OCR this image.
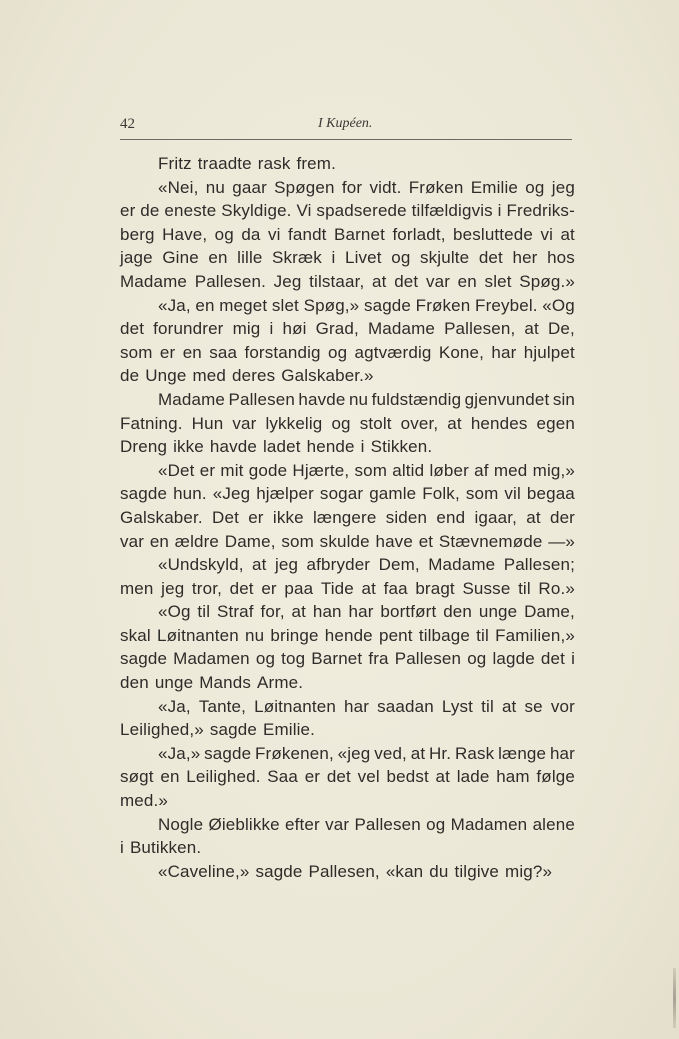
42	I Kupéen.
Fritz traadte rask frem.
«Nei, nu gaar Spøgen for vidt. Frøken Emilie og jeg
er de eneste Skyldige. Vi spadserede tilfældigvis i Fredriks-
berg Have, og da vi fandt Barnet forladt, besluttede vi at
jage Gine en lille Skræk i Livet og skjulte det her hos
Madame Pallesen. Jeg tilstaar, at det var en slet Spøg.»
«Ja, en meget slet Spøg,» sagde Frøken Freybel. «Og
det forundrer mig i høi Grad, Madame Pallesen, at De,
som er en saa forstandig og agtværdig Kone, har hjulpet
de Unge med deres Galskaber.»
Madame Pallesen havde nu fuldstændig gjenvundet sin
Fatning. Hun var lykkelig og stolt over, at hendes egen
Dreng ikke havde ladet hende i Stikken.
«Det er mit gode Hjærte, som altid løber af med mig,»
sagde hun. «Jeg hjælper sogar gamle Folk, som vil begaa
Galskaber. Det er ikke længere siden end igaar, at der
var en ældre Dame, som skulde have et Stævnemøde —»
«Undskyld, at jeg afbryder Dem, Madame Pallesen;
men jeg tror, det er paa Tide at faa bragt Susse til Ro.»
«Og til Straf for, at han har bortført den unge Dame,
skal Løitnanten nu bringe hende pent tilbage til Familien,»
sagde Madamen og tog Barnet fra Pallesen og lagde det i
den unge Mands Arme.
«Ja, Tante, Løitnanten har saadan Lyst til at se vor
Leilighed,» sagde Emilie.
«Ja,» sagde Frøkenen, «jeg ved, at Hr. Rask længe har
søgt en Leilighed. Saa er det vel bedst at lade ham følge
med.»
Nogle Øieblikke efter var Pallesen og Madamen alene
i Butikken.
«Caveline,» sagde Pallesen, «kan du tilgive mig?»
